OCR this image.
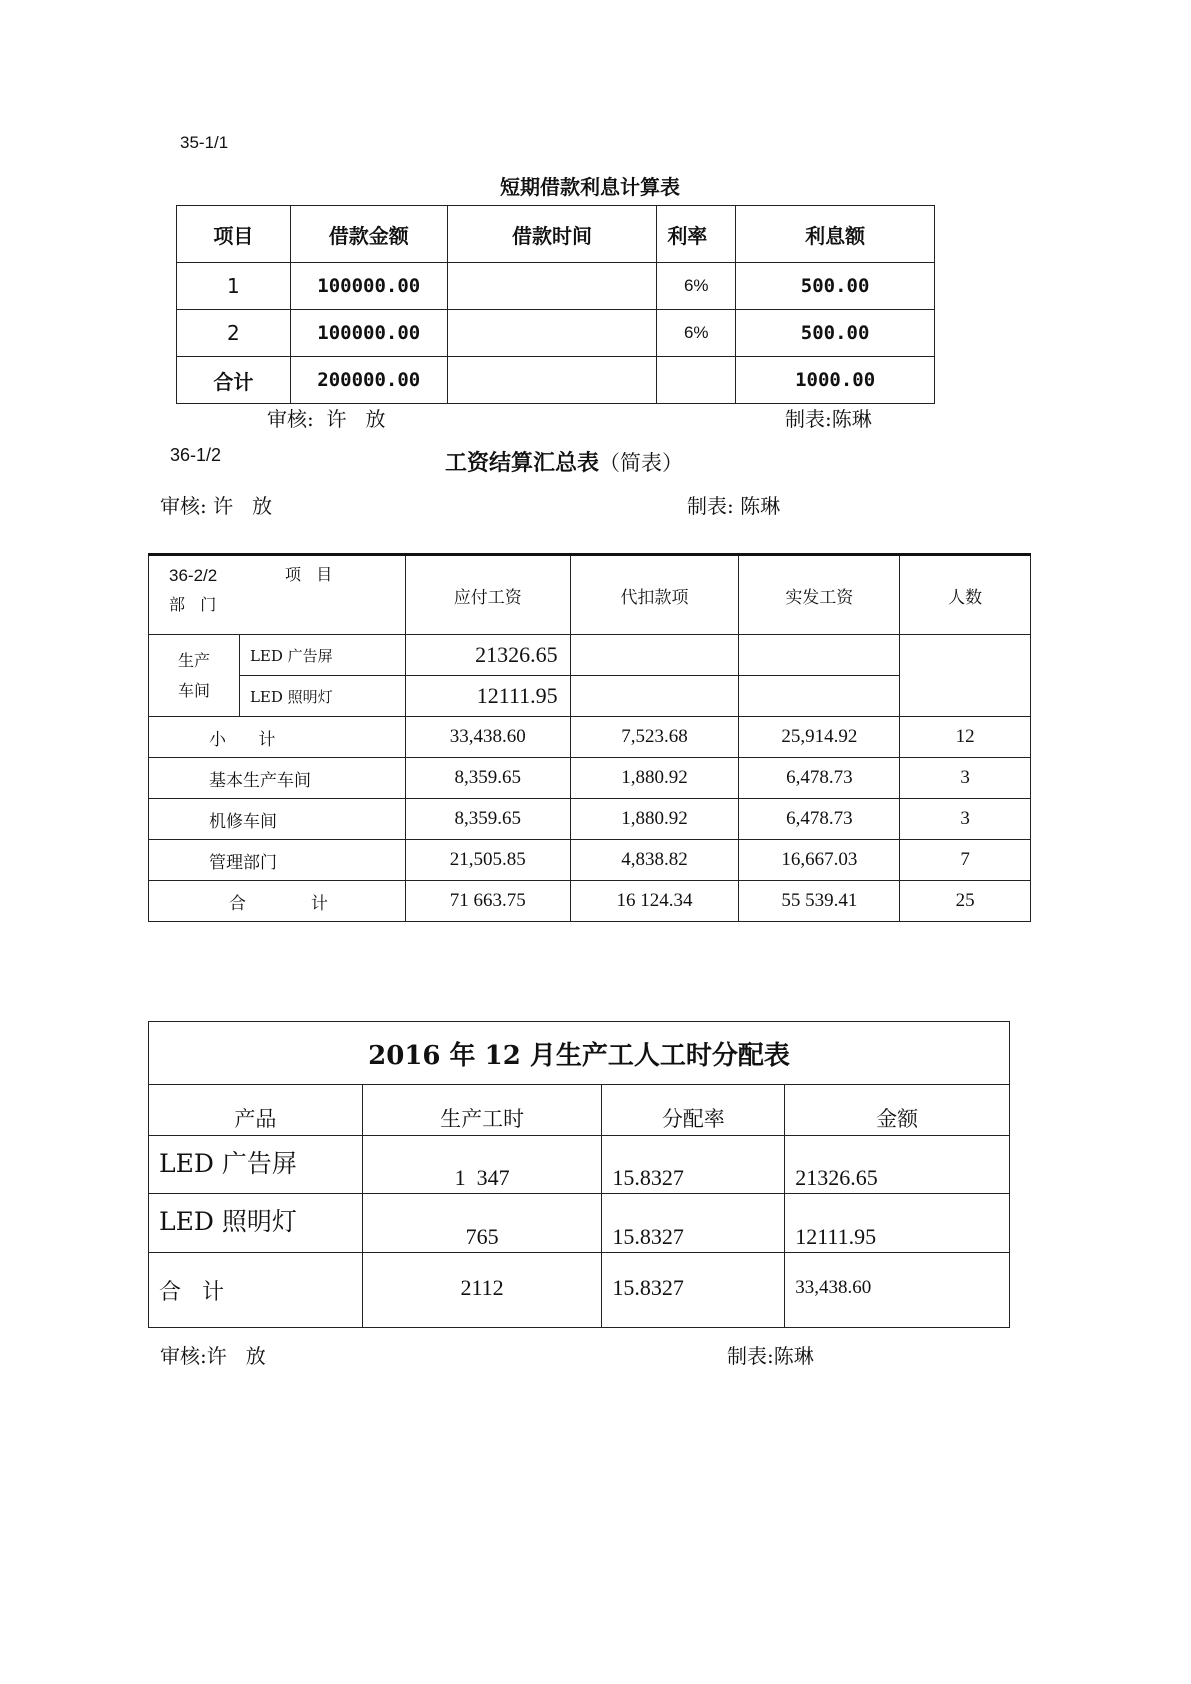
35-1/1
短期借款利息计算表
项目	借款金额	借款时间	利率	利息额
1	100000.00		6%	500.00
2	100000.00		6%	500.00
合计	200000.00			1000.00
审核:  许   放	制表:陈琳
36-1/2	工资结算汇总表（简表）
审核: 许   放	制表: 陈琳
36-2/2 项   目
部   门		应付工资	代扣款项	实发工资	人数
生产车间	LED 广告屏	21326.65			
	LED 照明灯	12111.95			
小      计		33,438.60	7,523.68	25,914.92	12
基本生产车间		8,359.65	1,880.92	6,478.73	3
机修车间		8,359.65	1,880.92	6,478.73	3
管理部门		21,505.85	4,838.82	16,667.03	7
合            计		71 663.75	16 124.34	55 539.41	25
2016 年 12 月生产工人工时分配表			
产品	生产工时	分配率	金额
LED 广告屏	1  347	15.8327	21326.65
LED 照明灯	765	15.8327	12111.95
合   计	2112	15.8327	33,438.60
审核:许   放	制表:陈琳
